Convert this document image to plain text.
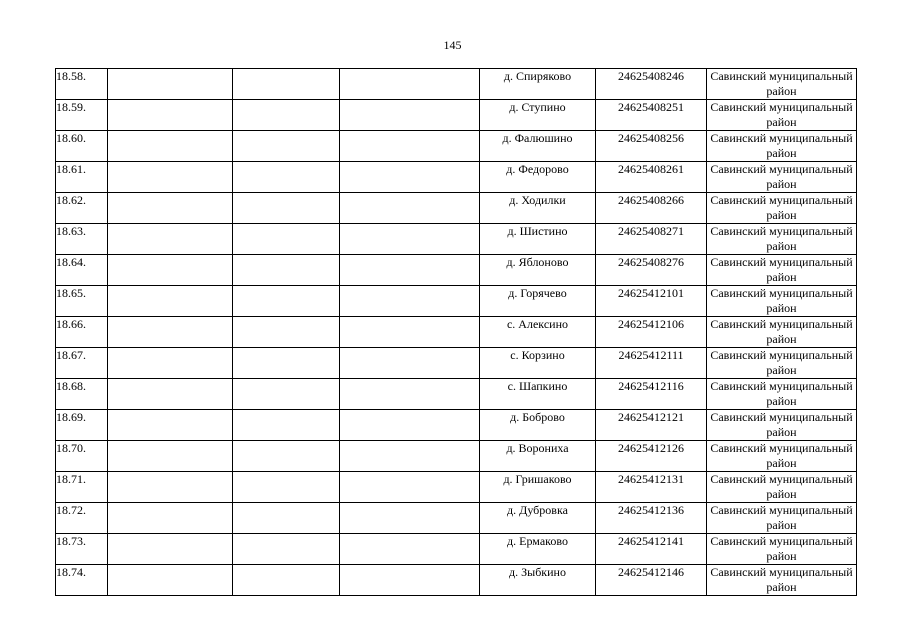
145
18.58.				д. Спиряково	24625408246	Савинский муниципальный район
18.59.				д. Ступино	24625408251	Савинский муниципальный район
18.60.				д. Фалюшино	24625408256	Савинский муниципальный район
18.61.				д. Федорово	24625408261	Савинский муниципальный район
18.62.				д. Ходилки	24625408266	Савинский муниципальный район
18.63.				д. Шистино	24625408271	Савинский муниципальный район
18.64.				д. Яблоново	24625408276	Савинский муниципальный район
18.65.				д. Горячево	24625412101	Савинский муниципальный район
18.66.				с. Алексино	24625412106	Савинский муниципальный район
18.67.				с. Корзино	24625412111	Савинский муниципальный район
18.68.				с. Шапкино	24625412116	Савинский муниципальный район
18.69.				д. Боброво	24625412121	Савинский муниципальный район
18.70.				д. Ворониха	24625412126	Савинский муниципальный район
18.71.				д. Гришаково	24625412131	Савинский муниципальный район
18.72.				д. Дубровка	24625412136	Савинский муниципальный район
18.73.				д. Ермаково	24625412141	Савинский муниципальный район
18.74.				д. Зыбкино	24625412146	Савинский муниципальный район
